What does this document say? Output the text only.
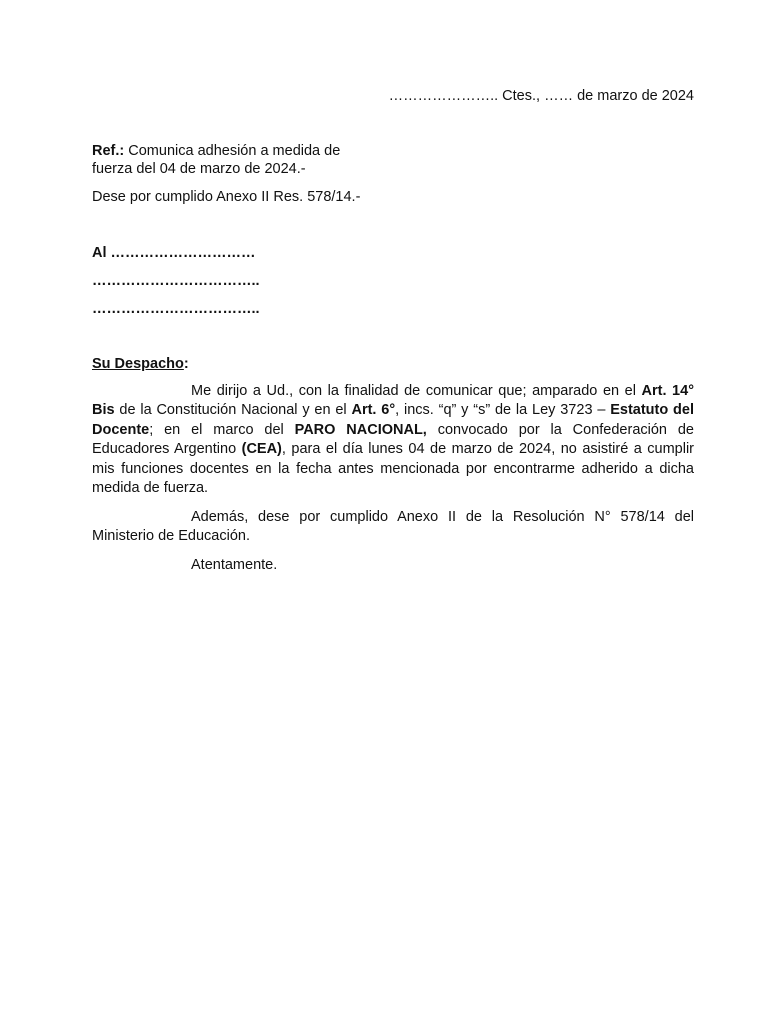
………………….. Ctes., …… de marzo de 2024
Ref.: Comunica adhesión a medida de fuerza del 04 de marzo de 2024.-
Dese por cumplido Anexo II Res. 578/14.-
Al …………………………
……………………………..
……………………………..
Su Despacho:
Me dirijo a Ud., con la finalidad de comunicar que; amparado en el Art. 14° Bis de la Constitución Nacional y en el Art. 6°, incs. “q” y “s” de la Ley 3723 – Estatuto del Docente; en el marco del PARO NACIONAL, convocado por la Confederación de Educadores Argentino (CEA), para el día lunes 04 de marzo de 2024, no asistiré a cumplir mis funciones docentes en la fecha antes mencionada por encontrarme adherido a dicha medida de fuerza.
Además, dese por cumplido Anexo II de la Resolución N° 578/14 del Ministerio de Educación.
Atentamente.
